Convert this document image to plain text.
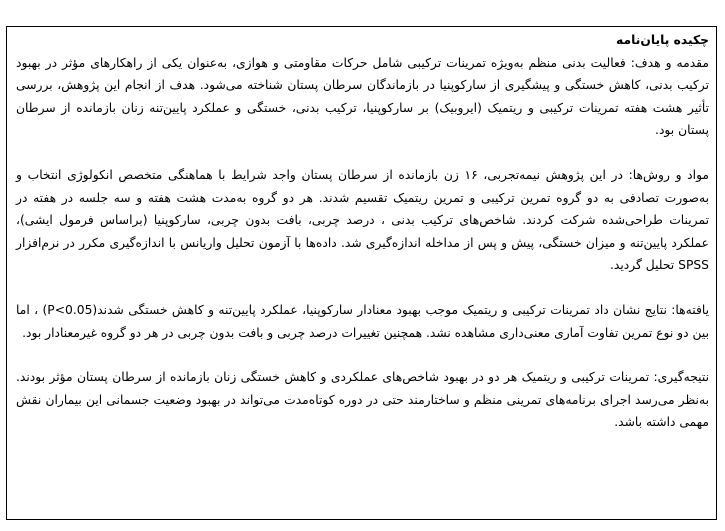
چکیده پایان‌نامه

مقدمه و هدف: فعالیت بدنی منظم به‌ویژه تمرینات ترکیبی شامل حرکات مقاومتی و هوازی، به‌عنوان یکی از راهکارهای مؤثر در بهبود ترکیب بدنی، کاهش خستگی و پیشگیری از سارکوپنیا در بازماندگان سرطان پستان شناخته می‌شود. هدف از انجام این پژوهش، بررسی تأثیر هشت هفته تمرینات ترکیبی و ریتمیک (ایروبیک) بر سارکوپنیا، ترکیب بدنی، خستگی و عملکرد پایین‌تنه زنان بازمانده از سرطان پستان بود.

مواد و روش‌ها: در این پژوهش نیمه‌تجربی، ۱۶ زن بازمانده از سرطان پستان واجد شرایط با هماهنگی متخصص انکولوژی انتخاب و به‌صورت تصادفی به دو گروه تمرین ترکیبی و تمرین ریتمیک تقسیم شدند. هر دو گروه به‌مدت هشت هفته و سه جلسه در هفته در تمرینات طراحی‌شده شرکت کردند. شاخص‌های ترکیب بدنی ، درصد چربی، بافت بدون چربی، سارکوپنیا (براساس فرمول ایشی)، عملکرد پایین‌تنه و میزان خستگی، پیش و پس از مداخله اندازه‌گیری شد. داده‌ها با آزمون تحلیل واریانس با اندازه‌گیری مکرر در نرم‌افزار SPSS تحلیل گردید.

یافته‌ها: نتایج نشان داد تمرینات ترکیبی و ریتمیک موجب بهبود معنادار سارکوپنیا، عملکرد پایین‌تنه و کاهش خستگی شدند(P<0.05) ، اما بین دو نوع تمرین تفاوت آماری معنی‌داری مشاهده نشد. همچنین تغییرات درصد چربی و بافت بدون چربی در هر دو گروه غیرمعنادار بود.

نتیجه‌گیری: تمرینات ترکیبی و ریتمیک هر دو در بهبود شاخص‌های عملکردی و کاهش خستگی زنان بازمانده از سرطان پستان مؤثر بودند. به‌نظر می‌رسد اجرای برنامه‌های تمرینی منظم و ساختارمند حتی در دوره کوتاه‌مدت می‌تواند در بهبود وضعیت جسمانی این بیماران نقش مهمی داشته باشد.
